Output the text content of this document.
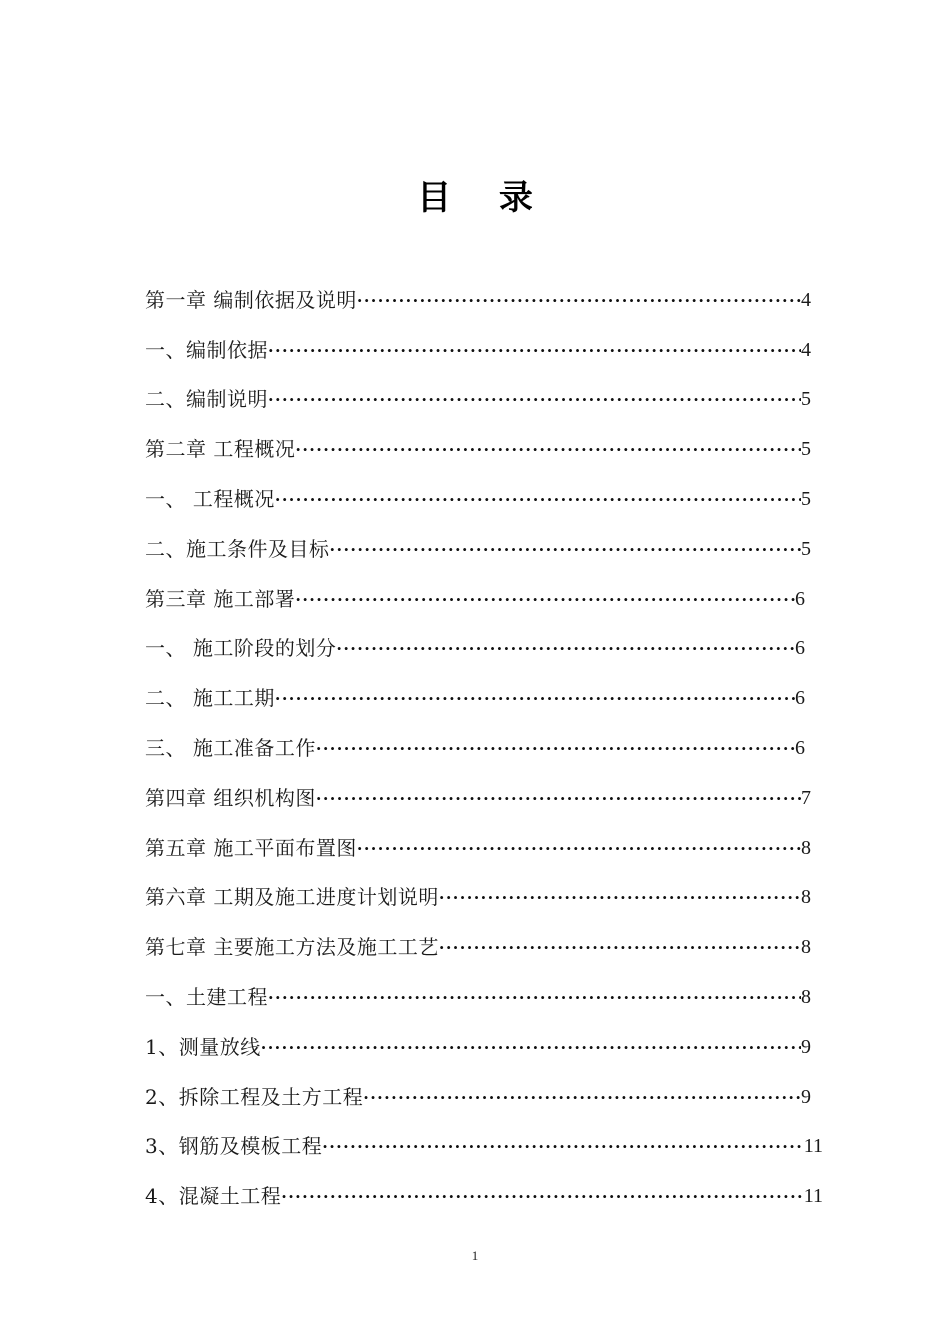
目 录
第一章 编制依据及说明 ·····	4
一、编制依据 ·····	4
二、编制说明 ·····	5
第二章 工程概况 ·····	5
一、 工程概况 ·····	5
二、施工条件及目标 ·····	5
第三章 施工部署 ·····	6
一、 施工阶段的划分 ·····	6
二、 施工工期 ·····	6
三、 施工准备工作 ·····	6
第四章 组织机构图 ·····	7
第五章 施工平面布置图 ·····	8
第六章 工期及施工进度计划说明 ·····	8
第七章 主要施工方法及施工工艺 ·····	8
一、土建工程 ·····	8
1、测量放线 ·····	9
2、拆除工程及土方工程 ·····	9
3、钢筋及模板工程 ·····	11
4、混凝土工程 ·····	11
1
